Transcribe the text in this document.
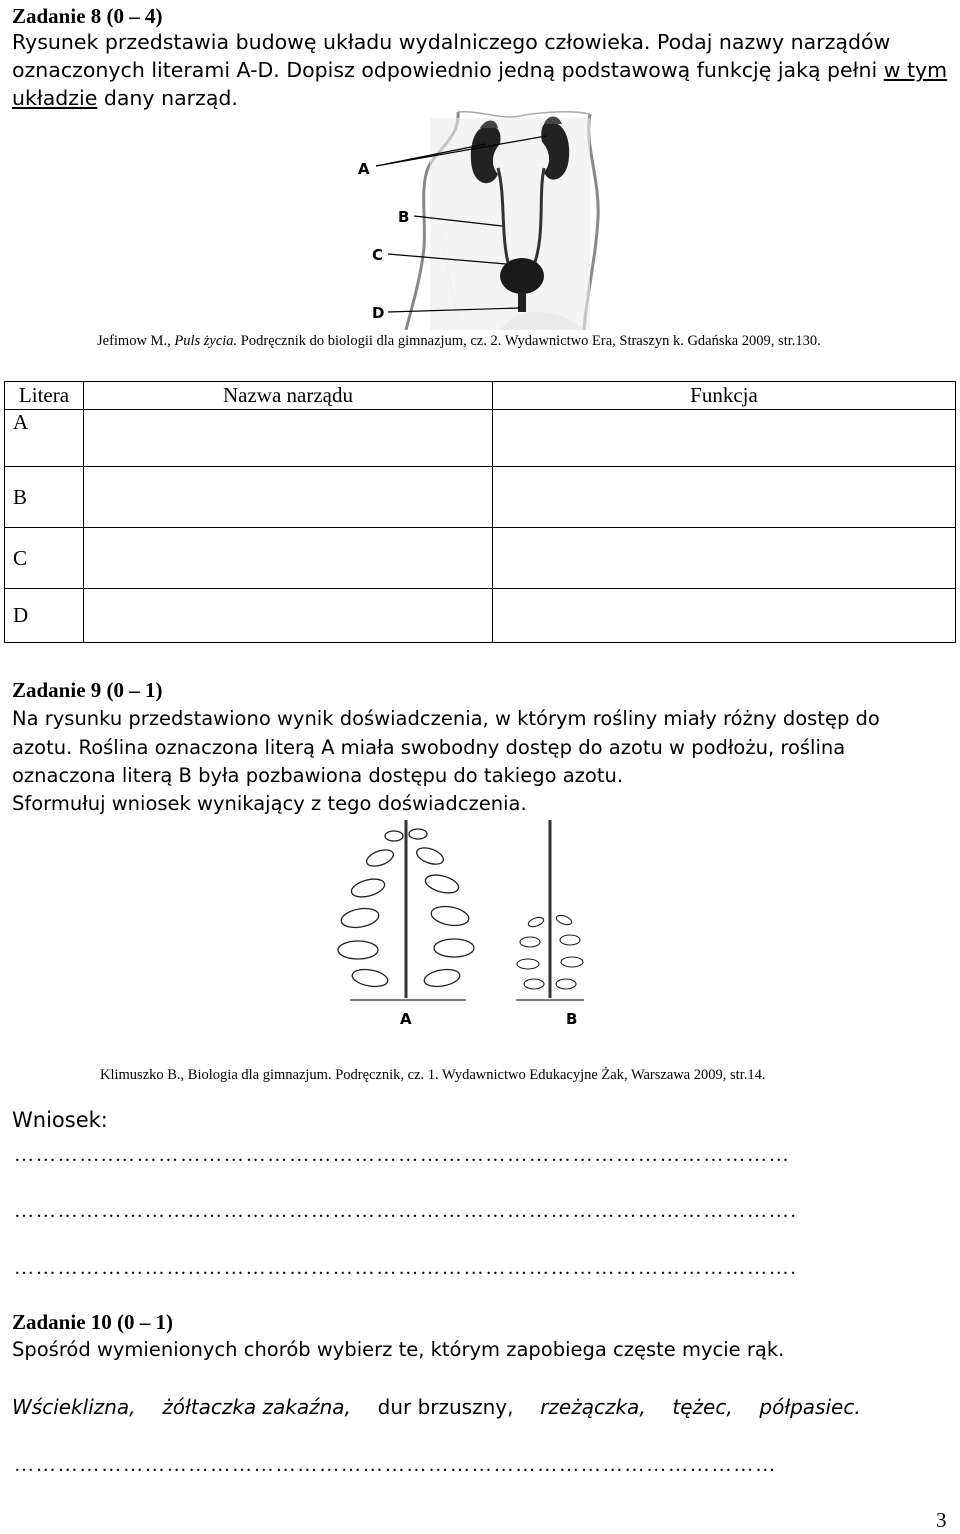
Zadanie 8 (0 – 4)
Rysunek przedstawia budowę układu wydalniczego człowieka. Podaj nazwy narządów
oznaczonych literami A-D. Dopisz odpowiednio jedną podstawową funkcję jaką pełni w tym
układzie dany narząd.
A
B
C
D
Jefimow M., Puls życia. Podręcznik do biologii dla gimnazjum, cz. 2. Wydawnictwo Era, Straszyn k. Gdańska 2009, str.130.
Litera	Nazwa narządu	Funkcja
A		
B		
C		
D		
Zadanie 9 (0 – 1)
Na rysunku przedstawiono wynik doświadczenia, w którym rośliny miały różny dostęp do
azotu. Roślina oznaczona literą A miała swobodny dostęp do azotu w podłożu, roślina
oznaczona literą B była pozbawiona dostępu do takiego azotu.
Sformułuj wniosek wynikający z tego doświadczenia.
A	B
Klimuszko B., Biologia dla gimnazjum. Podręcznik, cz. 1. Wydawnictwo Edukacyjne Żak, Warszawa 2009, str.14.
Wniosek:
…………..…………………………………………………………………………………
……………………..……………………………………………………………………….
……………………..……………………………………………………………………….
Zadanie 10 (0 – 1)
Spośród wymienionych chorób wybierz te, którym zapobiega częste mycie rąk.
Wścieklizna, żółtaczka zakaźna, dur brzuszny, rzeżączka, tężec, półpasiec.
……………………………………………………………………………………………
3
